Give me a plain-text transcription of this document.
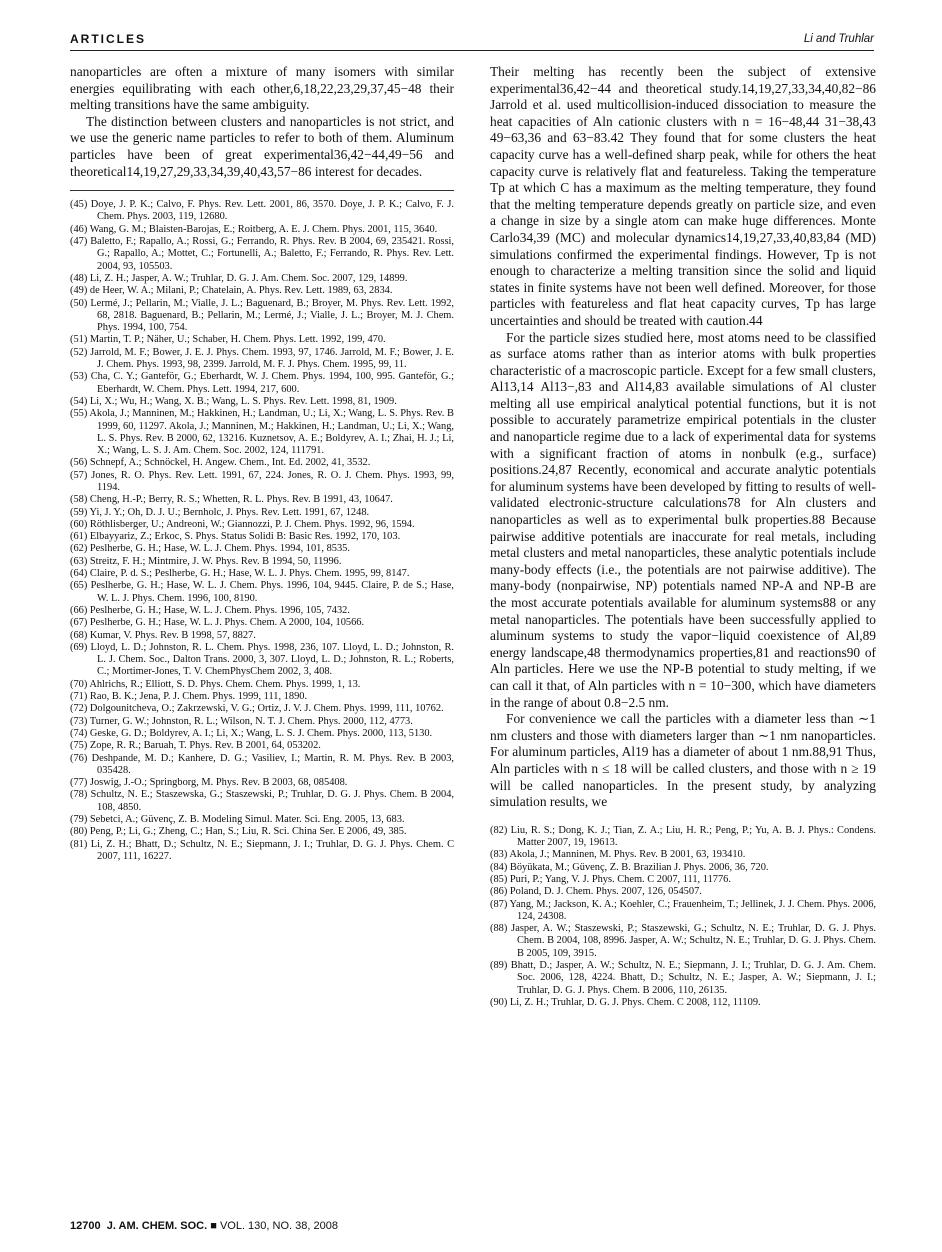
ARTICLES	Li and Truhlar

nanoparticles are often a mixture of many isomers with similar energies equilibrating with each other,6,18,22,23,29,37,45−48 their melting transitions have the same ambiguity.

The distinction between clusters and nanoparticles is not strict, and we use the generic name particles to refer to both of them. Aluminum particles have been of great experimental36,42−44,49−56 and theoretical14,19,27,29,33,34,39,40,43,57−86 interest for decades.

(45) Doye, J. P. K.; Calvo, F. Phys. Rev. Lett. 2001, 86, 3570. Doye, J. P. K.; Calvo, F. J. Chem. Phys. 2003, 119, 12680.

(46) Wang, G. M.; Blaisten-Barojas, E.; Roitberg, A. E. J. Chem. Phys. 2001, 115, 3640.

(47) Baletto, F.; Rapallo, A.; Rossi, G.; Ferrando, R. Phys. Rev. B 2004, 69, 235421. Rossi, G.; Rapallo, A.; Mottet, C.; Fortunelli, A.; Baletto, F.; Ferrando, R. Phys. Rev. Lett. 2004, 93, 105503.

(48) Li, Z. H.; Jasper, A. W.; Truhlar, D. G. J. Am. Chem. Soc. 2007, 129, 14899.

(49) de Heer, W. A.; Milani, P.; Chatelain, A. Phys. Rev. Lett. 1989, 63, 2834.

(50) Lermé, J.; Pellarin, M.; Vialle, J. L.; Baguenard, B.; Broyer, M. Phys. Rev. Lett. 1992, 68, 2818. Baguenard, B.; Pellarin, M.; Lermé, J.; Vialle, J. L.; Broyer, M. J. Chem. Phys. 1994, 100, 754.

(51) Martin, T. P.; Näher, U.; Schaber, H. Chem. Phys. Lett. 1992, 199, 470.

(52) Jarrold, M. F.; Bower, J. E. J. Phys. Chem. 1993, 97, 1746. Jarrold, M. F.; Bower, J. E. J. Chem. Phys. 1993, 98, 2399. Jarrold, M. F. J. Phys. Chem. 1995, 99, 11.

(53) Cha, C. Y.; Ganteför, G.; Eberhardt, W. J. Chem. Phys. 1994, 100, 995. Ganteför, G.; Eberhardt, W. Chem. Phys. Lett. 1994, 217, 600.

(54) Li, X.; Wu, H.; Wang, X. B.; Wang, L. S. Phys. Rev. Lett. 1998, 81, 1909.

(55) Akola, J.; Manninen, M.; Hakkinen, H.; Landman, U.; Li, X.; Wang, L. S. Phys. Rev. B 1999, 60, 11297. Akola, J.; Manninen, M.; Hakkinen, H.; Landman, U.; Li, X.; Wang, L. S. Phys. Rev. B 2000, 62, 13216. Kuznetsov, A. E.; Boldyrev, A. I.; Zhai, H. J.; Li, X.; Wang, L. S. J. Am. Chem. Soc. 2002, 124, 111791.

(56) Schnepf, A.; Schnöckel, H. Angew. Chem., Int. Ed. 2002, 41, 3532.

(57) Jones, R. O. Phys. Rev. Lett. 1991, 67, 224. Jones, R. O. J. Chem. Phys. 1993, 99, 1194.

(58) Cheng, H.-P.; Berry, R. S.; Whetten, R. L. Phys. Rev. B 1991, 43, 10647.

(59) Yi, J. Y.; Oh, D. J. U.; Bernholc, J. Phys. Rev. Lett. 1991, 67, 1248.

(60) Röthlisberger, U.; Andreoni, W.; Giannozzi, P. J. Chem. Phys. 1992, 96, 1594.

(61) Elbayyariz, Z.; Erkoc, S. Phys. Status Solidi B: Basic Res. 1992, 170, 103.

(62) Peslherbe, G. H.; Hase, W. L. J. Chem. Phys. 1994, 101, 8535.

(63) Streitz, F. H.; Mintmire, J. W. Phys. Rev. B 1994, 50, 11996.

(64) Claire, P. d. S.; Peslherbe, G. H.; Hase, W. L. J. Phys. Chem. 1995, 99, 8147.

(65) Peslherbe, G. H.; Hase, W. L. J. Chem. Phys. 1996, 104, 9445. Claire, P. de S.; Hase, W. L. J. Phys. Chem. 1996, 100, 8190.

(66) Peslherbe, G. H.; Hase, W. L. J. Chem. Phys. 1996, 105, 7432.

(67) Peslherbe, G. H.; Hase, W. L. J. Phys. Chem. A 2000, 104, 10566.

(68) Kumar, V. Phys. Rev. B 1998, 57, 8827.

(69) Lloyd, L. D.; Johnston, R. L. Chem. Phys. 1998, 236, 107. Lloyd, L. D.; Johnston, R. L. J. Chem. Soc., Dalton Trans. 2000, 3, 307. Lloyd, L. D.; Johnston, R. L.; Roberts, C.; Mortimer-Jones, T. V. ChemPhysChem 2002, 3, 408.

(70) Ahlrichs, R.; Elliott, S. D. Phys. Chem. Chem. Phys. 1999, 1, 13.

(71) Rao, B. K.; Jena, P. J. Chem. Phys. 1999, 111, 1890.

(72) Dolgounitcheva, O.; Zakrzewski, V. G.; Ortiz, J. V. J. Chem. Phys. 1999, 111, 10762.

(73) Turner, G. W.; Johnston, R. L.; Wilson, N. T. J. Chem. Phys. 2000, 112, 4773.

(74) Geske, G. D.; Boldyrev, A. I.; Li, X.; Wang, L. S. J. Chem. Phys. 2000, 113, 5130.

(75) Zope, R. R.; Baruah, T. Phys. Rev. B 2001, 64, 053202.

(76) Deshpande, M. D.; Kanhere, D. G.; Vasiliev, I.; Martin, R. M. Phys. Rev. B 2003, 035428.

(77) Joswig, J.-O.; Springborg, M. Phys. Rev. B 2003, 68, 085408.

(78) Schultz, N. E.; Staszewska, G.; Staszewski, P.; Truhlar, D. G. J. Phys. Chem. B 2004, 108, 4850.

(79) Sebetci, A.; Güvenç, Z. B. Modeling Simul. Mater. Sci. Eng. 2005, 13, 683.

(80) Peng, P.; Li, G.; Zheng, C.; Han, S.; Liu, R. Sci. China Ser. E 2006, 49, 385.

(81) Li, Z. H.; Bhatt, D.; Schultz, N. E.; Siepmann, J. I.; Truhlar, D. G. J. Phys. Chem. C 2007, 111, 16227.

Their melting has recently been the subject of extensive experimental36,42−44 and theoretical study.14,19,27,33,34,40,82−86 Jarrold et al. used multicollision-induced dissociation to measure the heat capacities of Aln cationic clusters with n = 16−48,44 31−38,43 49−63,36 and 63−83.42 They found that for some clusters the heat capacity curve has a well-defined sharp peak, while for others the heat capacity curve is relatively flat and featureless. Taking the temperature Tp at which C has a maximum as the melting temperature, they found that the melting temperature depends greatly on particle size, and even a change in size by a single atom can make huge differences. Monte Carlo34,39 (MC) and molecular dynamics14,19,27,33,40,83,84 (MD) simulations confirmed the experimental findings. However, Tp is not enough to characterize a melting transition since the solid and liquid states in finite systems have not been well defined. Moreover, for those particles with featureless and flat heat capacity curves, Tp has large uncertainties and should be treated with caution.44

For the particle sizes studied here, most atoms need to be classified as surface atoms rather than as interior atoms with bulk properties characteristic of a macroscopic particle. Except for a few small clusters, Al13,14 Al13−,83 and Al14,83 available simulations of Al cluster melting all use empirical analytical potential functions, but it is not possible to accurately parametrize empirical potentials in the cluster and nanoparticle regime due to a lack of experimental data for systems with a significant fraction of atoms in nonbulk (e.g., surface) positions.24,87 Recently, economical and accurate analytic potentials for aluminum systems have been developed by fitting to results of well-validated electronic-structure calculations78 for Aln clusters and nanoparticles as well as to experimental bulk properties.88 Because pairwise additive potentials are inaccurate for real metals, including metal clusters and metal nanoparticles, these analytic potentials include many-body effects (i.e., the potentials are not pairwise additive). The many-body (nonpairwise, NP) potentials named NP-A and NP-B are the most accurate potentials available for aluminum systems88 or any metal nanoparticles. The potentials have been successfully applied to aluminum systems to study the vapor−liquid coexistence of Al,89 energy landscape,48 thermodynamics properties,81 and reactions90 of Aln particles. Here we use the NP-B potential to study melting, if we can call it that, of Aln particles with n = 10−300, which have diameters in the range of about 0.8−2.5 nm.

For convenience we call the particles with a diameter less than ∼1 nm clusters and those with diameters larger than ∼1 nm nanoparticles. For aluminum particles, Al19 has a diameter of about 1 nm.88,91 Thus, Aln particles with n ≤ 18 will be called clusters, and those with n ≥ 19 will be called nanoparticles. In the present study, by analyzing simulation results, we

(82) Liu, R. S.; Dong, K. J.; Tian, Z. A.; Liu, H. R.; Peng, P.; Yu, A. B. J. Phys.: Condens. Matter 2007, 19, 19613.

(83) Akola, J.; Manninen, M. Phys. Rev. B 2001, 63, 193410.

(84) Böyükata, M.; Güvenç, Z. B. Brazilian J. Phys. 2006, 36, 720.

(85) Puri, P.; Yang, V. J. Phys. Chem. C 2007, 111, 11776.

(86) Poland, D. J. Chem. Phys. 2007, 126, 054507.

(87) Yang, M.; Jackson, K. A.; Koehler, C.; Frauenheim, T.; Jellinek, J. J. Chem. Phys. 2006, 124, 24308.

(88) Jasper, A. W.; Staszewski, P.; Staszewski, G.; Schultz, N. E.; Truhlar, D. G. J. Phys. Chem. B 2004, 108, 8996. Jasper, A. W.; Schultz, N. E.; Truhlar, D. G. J. Phys. Chem. B 2005, 109, 3915.

(89) Bhatt, D.; Jasper, A. W.; Schultz, N. E.; Siepmann, J. I.; Truhlar, D. G. J. Am. Chem. Soc. 2006, 128, 4224. Bhatt, D.; Schultz, N. E.; Jasper, A. W.; Siepmann, J. I.; Truhlar, D. G. J. Phys. Chem. B 2006, 110, 26135.

(90) Li, Z. H.; Truhlar, D. G. J. Phys. Chem. C 2008, 112, 11109.

12700 J. AM. CHEM. SOC. ■ VOL. 130, NO. 38, 2008
